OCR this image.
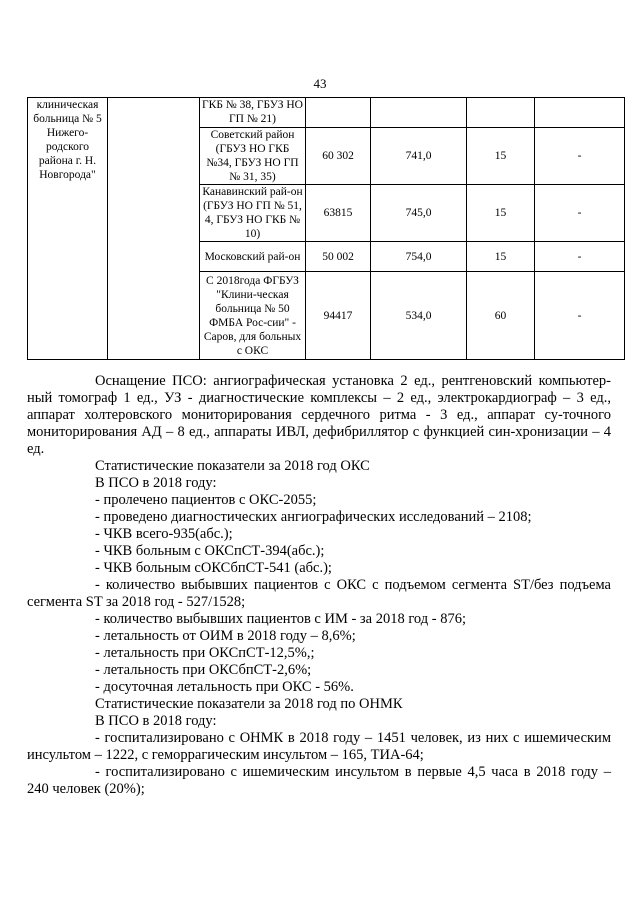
43
клиническая больница № 5 Нижего-родского района г. Н. Новгорода"		ГКБ № 38, ГБУЗ НО ГП № 21)				
		Советский район (ГБУЗ НО ГКБ №34, ГБУЗ НО ГП № 31, 35)	60 302	741,0	15	-
		Канавинский рай-он (ГБУЗ НО ГП № 51, 4, ГБУЗ НО ГКБ № 10)	63815	745,0	15	-
		Московский рай-он	50 002	754,0	15	-
		С 2018года ФГБУЗ "Клини-ческая больница № 50 ФМБА Рос-сии" - Саров, для больных с ОКС	94417	534,0	60	-

Оснащение ПСО: ангиографическая установка 2 ед., рентгеновский компьютер-ный томограф 1 ед., УЗ - диагностические комплексы – 2 ед., электрокардиограф – 3 ед., аппарат холтеровского мониторирования сердечного ритма - 3 ед., аппарат су-точного мониторирования АД – 8 ед., аппараты ИВЛ, дефибриллятор с функцией син-хронизации – 4 ед.

Статистические показатели за 2018 год ОКС

В ПСО в 2018 году:

- пролечено пациентов с ОКС-2055;

- проведено диагностических ангиографических исследований – 2108;

- ЧКВ всего-935(абс.);

- ЧКВ больным с ОКСпСТ-394(абс.);

- ЧКВ больным сОКСбпСТ-541 (абс.);

- количество выбывших пациентов с ОКС с подъемом сегмента ST/без подъема сегмента ST за 2018 год - 527/1528;

- количество выбывших пациентов с ИМ - за 2018 год - 876;

- летальность от ОИМ в 2018 году – 8,6%;

- летальность при ОКСпСТ-12,5%,;

- летальность при ОКСбпСТ-2,6%;

- досуточная летальность при ОКС - 56%.

Статистические показатели за 2018 год по ОНМК

В ПСО в 2018 году:

- госпитализировано с ОНМК в 2018 году – 1451 человек, из них с ишемическим инсультом – 1222, с геморрагическим инсультом – 165, ТИА-64;

- госпитализировано с ишемическим инсультом в первые 4,5 часа в 2018 году – 240 человек (20%);
